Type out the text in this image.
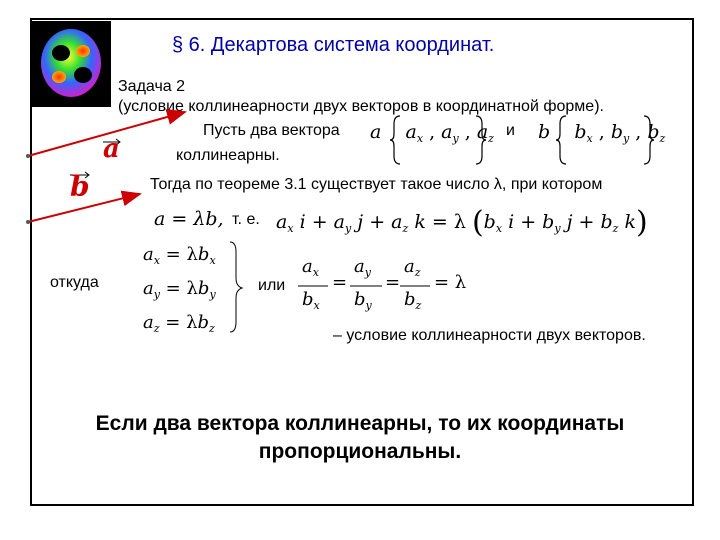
§ 6. Декартова система координат.
Задача 2
(условие коллинеарности двух векторов в координатной форме).
Пусть два вектора	и
коллинеарны.
Тогда по теореме 3.1 существует такое число λ, при котором
т. е.
откуда	или
– условие коллинеарности двух векторов.
a
b
a $a_x$ , $a_y$ , $a_z$ b $b_x$ , $b_y$ , $b_z$
a = λb,	$a_x$ $i + a_y$ $j + a_z$ k = λ ($b_x$ $i + b_y$ $j + b_z$ k)
$a_x = \lambda b_x$
$a_y = \lambda b_y$
$a_z = \lambda b_z$
$a_x$
$b_x$
=
$a_y$
$b_y$
=
$a_z$
$b_z$
= λ
Если два вектора коллинеарны, то их координаты
пропорциональны.
